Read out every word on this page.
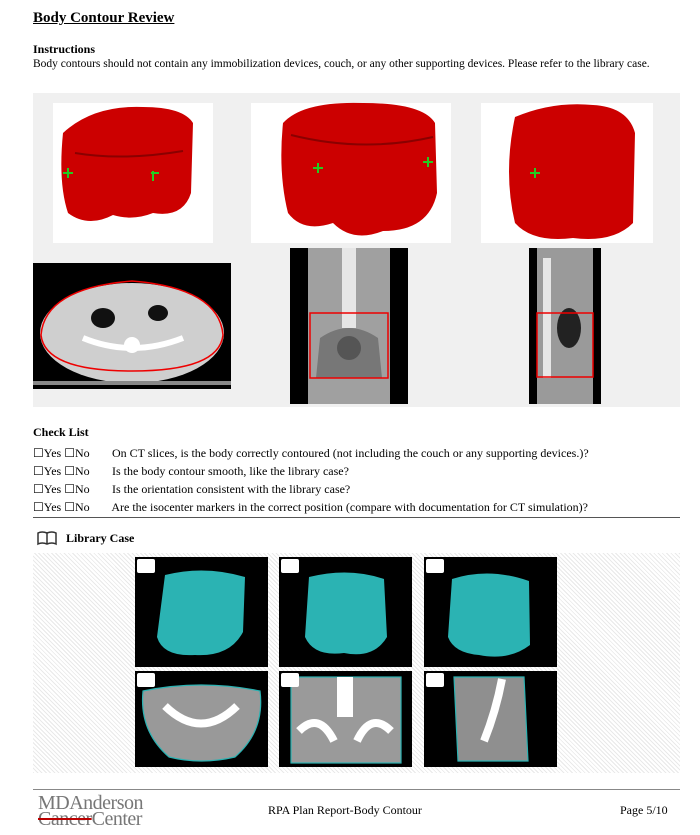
Body Contour Review
Instructions
Body contours should not contain any immobilization devices, couch, or any other supporting devices. Please refer to the library case.
Check List
☐Yes ☐No On CT slices, is the body correctly contoured (not including the couch or any supporting devices.)?
☐Yes ☐No Is the body contour smooth, like the library case?
☐Yes ☐No Is the orientation consistent with the library case?
☐Yes ☐No Are the isocenter markers in the correct position (compare with documentation for CT simulation)?
Library Case
MDAnderson
CancerCenter	RPA Plan Report-Body Contour	Page 5/10
